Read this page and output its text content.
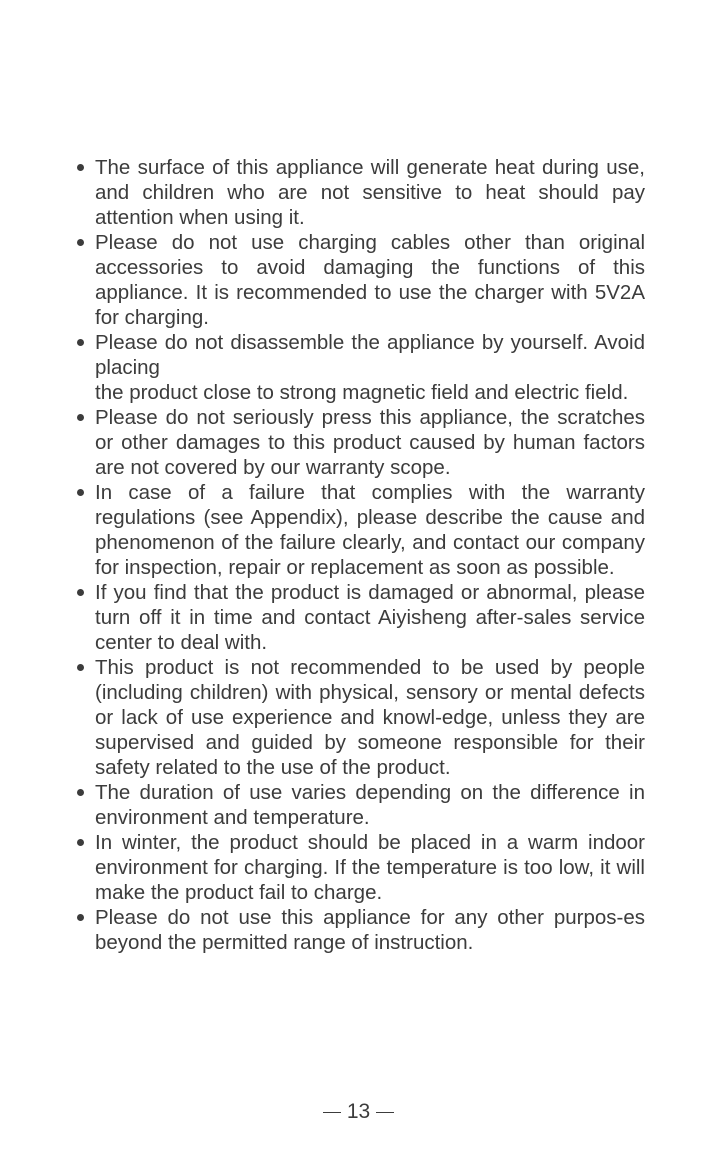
The surface of this appliance will generate heat during use, and children who are not sensitive to heat should pay attention when using it.
Please do not use charging cables other than original accessories to avoid damaging the functions of this appliance. It is recommended to use the charger with 5V2A for charging.
Please do not disassemble the appliance by yourself. Avoid placing
the product close to strong magnetic field and electric field.
Please do not seriously press this appliance, the scratches or other damages to this product caused by human factors are not covered by our warranty scope.
In case of a failure that complies with the warranty regulations (see Appendix), please describe the cause and phenomenon of the failure clearly, and contact our company for inspection, repair or replacement as soon as possible.
If you find that the product is damaged or abnormal, please turn off it in time and contact Aiyisheng after-sales service center to deal with.
This product is not recommended to be used by people (including children) with physical, sensory or mental defects or lack of use experience and knowl-edge, unless they are supervised and guided by someone responsible for their safety related to the use of the product.
The duration of use varies depending on the difference in environment and temperature.
In winter, the product should be placed in a warm indoor environment for charging. If the temperature is too low, it will make the product fail to charge.
Please do not use this appliance for any other purpos-es beyond the permitted range of instruction.
13
